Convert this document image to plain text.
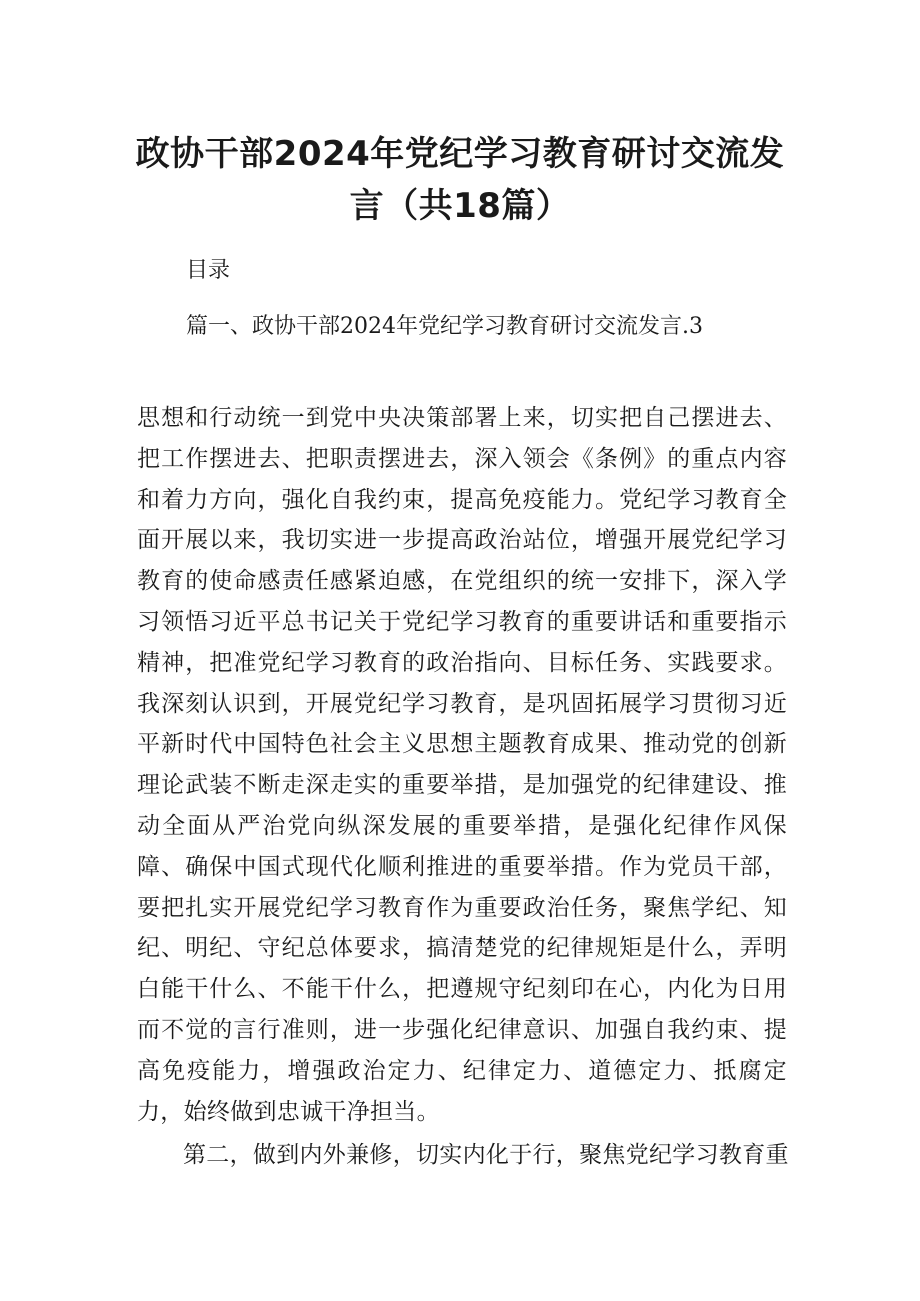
政协干部2024年党纪学习教育研讨交流发
言（共18篇）

目录

篇一、政协干部2024年党纪学习教育研讨交流发言.3

思想和行动统一到党中央决策部署上来，切实把自己摆进去、把工作摆进去、把职责摆进去，深入领会《条例》的重点内容和着力方向，强化自我约束，提高免疫能力。党纪学习教育全面开展以来，我切实进一步提高政治站位，增强开展党纪学习教育的使命感责任感紧迫感，在党组织的统一安排下，深入学习领悟习近平总书记关于党纪学习教育的重要讲话和重要指示精神，把准党纪学习教育的政治指向、目标任务、实践要求。我深刻认识到，开展党纪学习教育，是巩固拓展学习贯彻习近平新时代中国特色社会主义思想主题教育成果、推动党的创新理论武装不断走深走实的重要举措，是加强党的纪律建设、推动全面从严治党向纵深发展的重要举措，是强化纪律作风保障、确保中国式现代化顺利推进的重要举措。作为党员干部，要把扎实开展党纪学习教育作为重要政治任务，聚焦学纪、知纪、明纪、守纪总体要求，搞清楚党的纪律规矩是什么，弄明白能干什么、不能干什么，把遵规守纪刻印在心，内化为日用而不觉的言行准则，进一步强化纪律意识、加强自我约束、提高免疫能力，增强政治定力、纪律定力、道德定力、抵腐定力，始终做到忠诚干净担当。

第二，做到内外兼修，切实内化于行，聚焦党纪学习教育重
